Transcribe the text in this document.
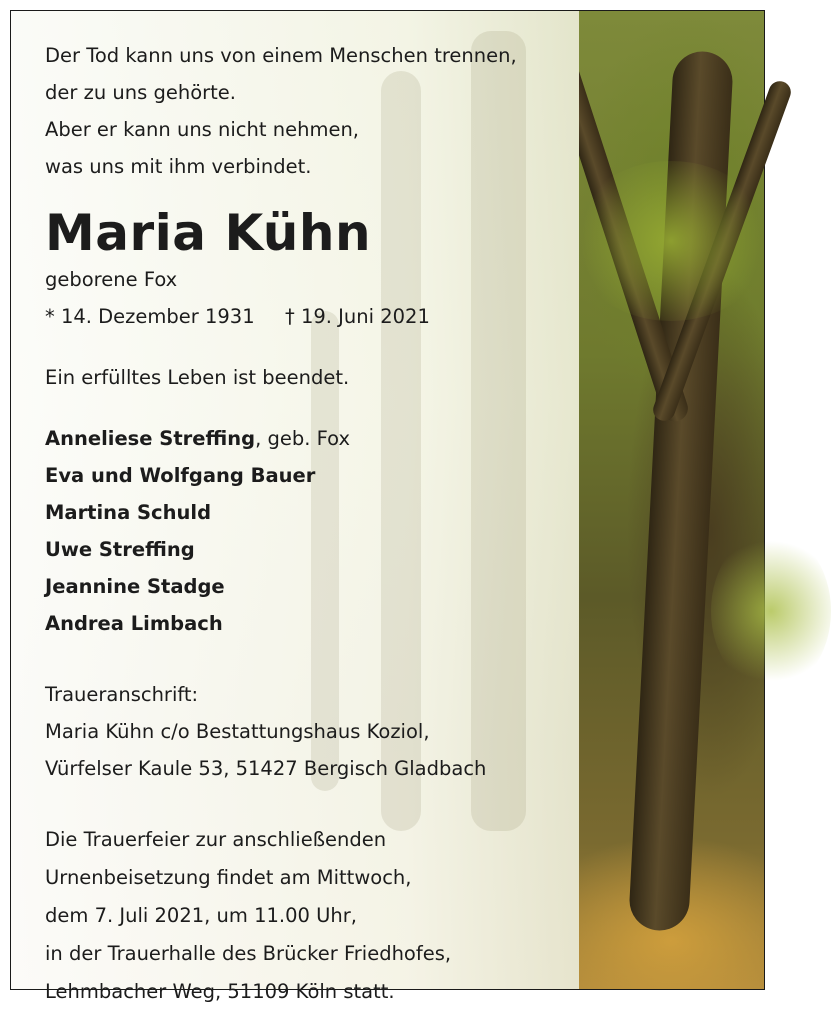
Der Tod kann uns von einem Menschen trennen,
der zu uns gehörte.
Aber er kann uns nicht nehmen,
was uns mit ihm verbindet.
Maria Kühn
geborene Fox
* 14. Dezember 1931	† 19. Juni 2021
Ein erfülltes Leben ist beendet.
Anneliese Streffing, geb. Fox
Eva und Wolfgang Bauer
Martina Schuld
Uwe Streffing
Jeannine Stadge
Andrea Limbach
Traueranschrift:
Maria Kühn c/o Bestattungshaus Koziol,
Vürfelser Kaule 53, 51427 Bergisch Gladbach
Die Trauerfeier zur anschließenden
Urnenbeisetzung findet am Mittwoch,
dem 7. Juli 2021, um 11.00 Uhr,
in der Trauerhalle des Brücker Friedhofes,
Lehmbacher Weg, 51109 Köln statt.
